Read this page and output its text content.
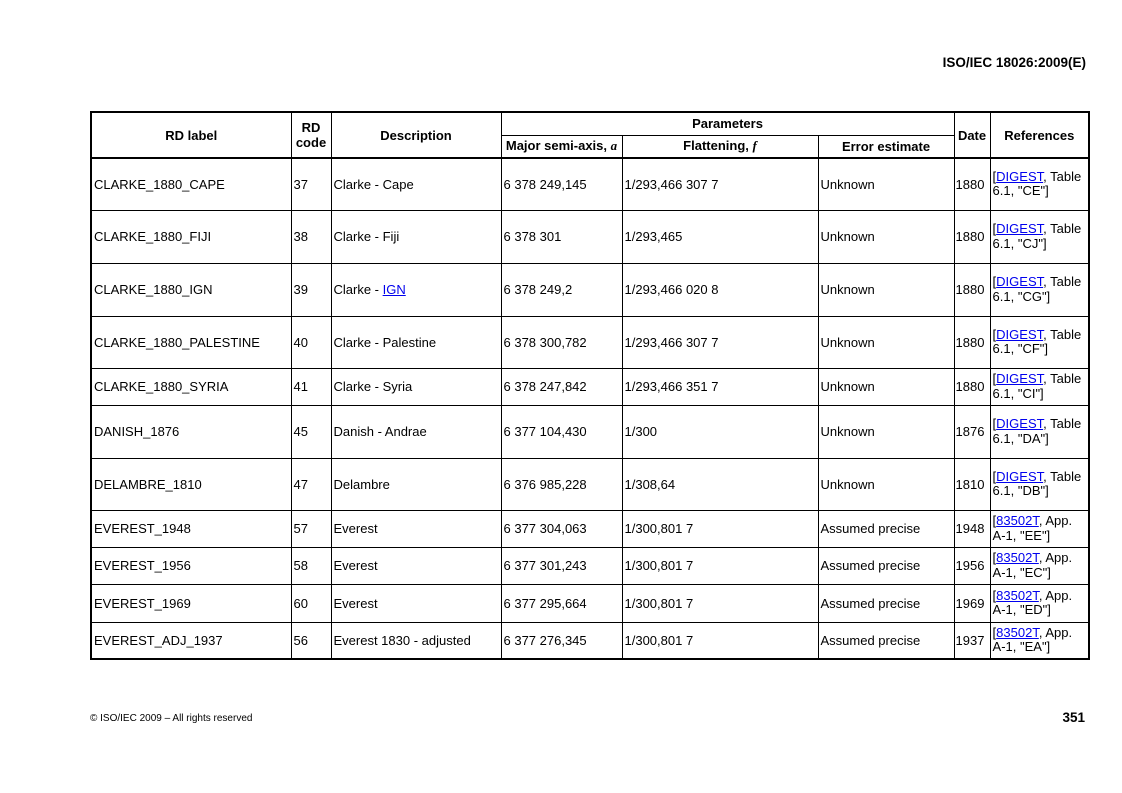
ISO/IEC 18026:2009(E)
RD label	RD code	Description	Parameters			Date	References
			Major semi-axis, a	Flattening, f	Error estimate		
CLARKE_1880_CAPE	37	Clarke - Cape	6 378 249,145	1/293,466 307 7	Unknown	1880	[DIGEST, Table 6.1, "CE"]
CLARKE_1880_FIJI	38	Clarke - Fiji	6 378 301	1/293,465	Unknown	1880	[DIGEST, Table 6.1, "CJ"]
CLARKE_1880_IGN	39	Clarke - IGN	6 378 249,2	1/293,466 020 8	Unknown	1880	[DIGEST, Table 6.1, "CG"]
CLARKE_1880_PALESTINE	40	Clarke - Palestine	6 378 300,782	1/293,466 307 7	Unknown	1880	[DIGEST, Table 6.1, "CF"]
CLARKE_1880_SYRIA	41	Clarke - Syria	6 378 247,842	1/293,466 351 7	Unknown	1880	[DIGEST, Table 6.1, "CI"]
DANISH_1876	45	Danish - Andrae	6 377 104,430	1/300	Unknown	1876	[DIGEST, Table 6.1, "DA"]
DELAMBRE_1810	47	Delambre	6 376 985,228	1/308,64	Unknown	1810	[DIGEST, Table 6.1, "DB"]
EVEREST_1948	57	Everest	6 377 304,063	1/300,801 7	Assumed precise	1948	[83502T, App. A-1, "EE"]
EVEREST_1956	58	Everest	6 377 301,243	1/300,801 7	Assumed precise	1956	[83502T, App. A-1, "EC"]
EVEREST_1969	60	Everest	6 377 295,664	1/300,801 7	Assumed precise	1969	[83502T, App. A-1, "ED"]
EVEREST_ADJ_1937	56	Everest 1830 - adjusted	6 377 276,345	1/300,801 7	Assumed precise	1937	[83502T, App. A-1, "EA"]
© ISO/IEC 2009 – All rights reserved	351
